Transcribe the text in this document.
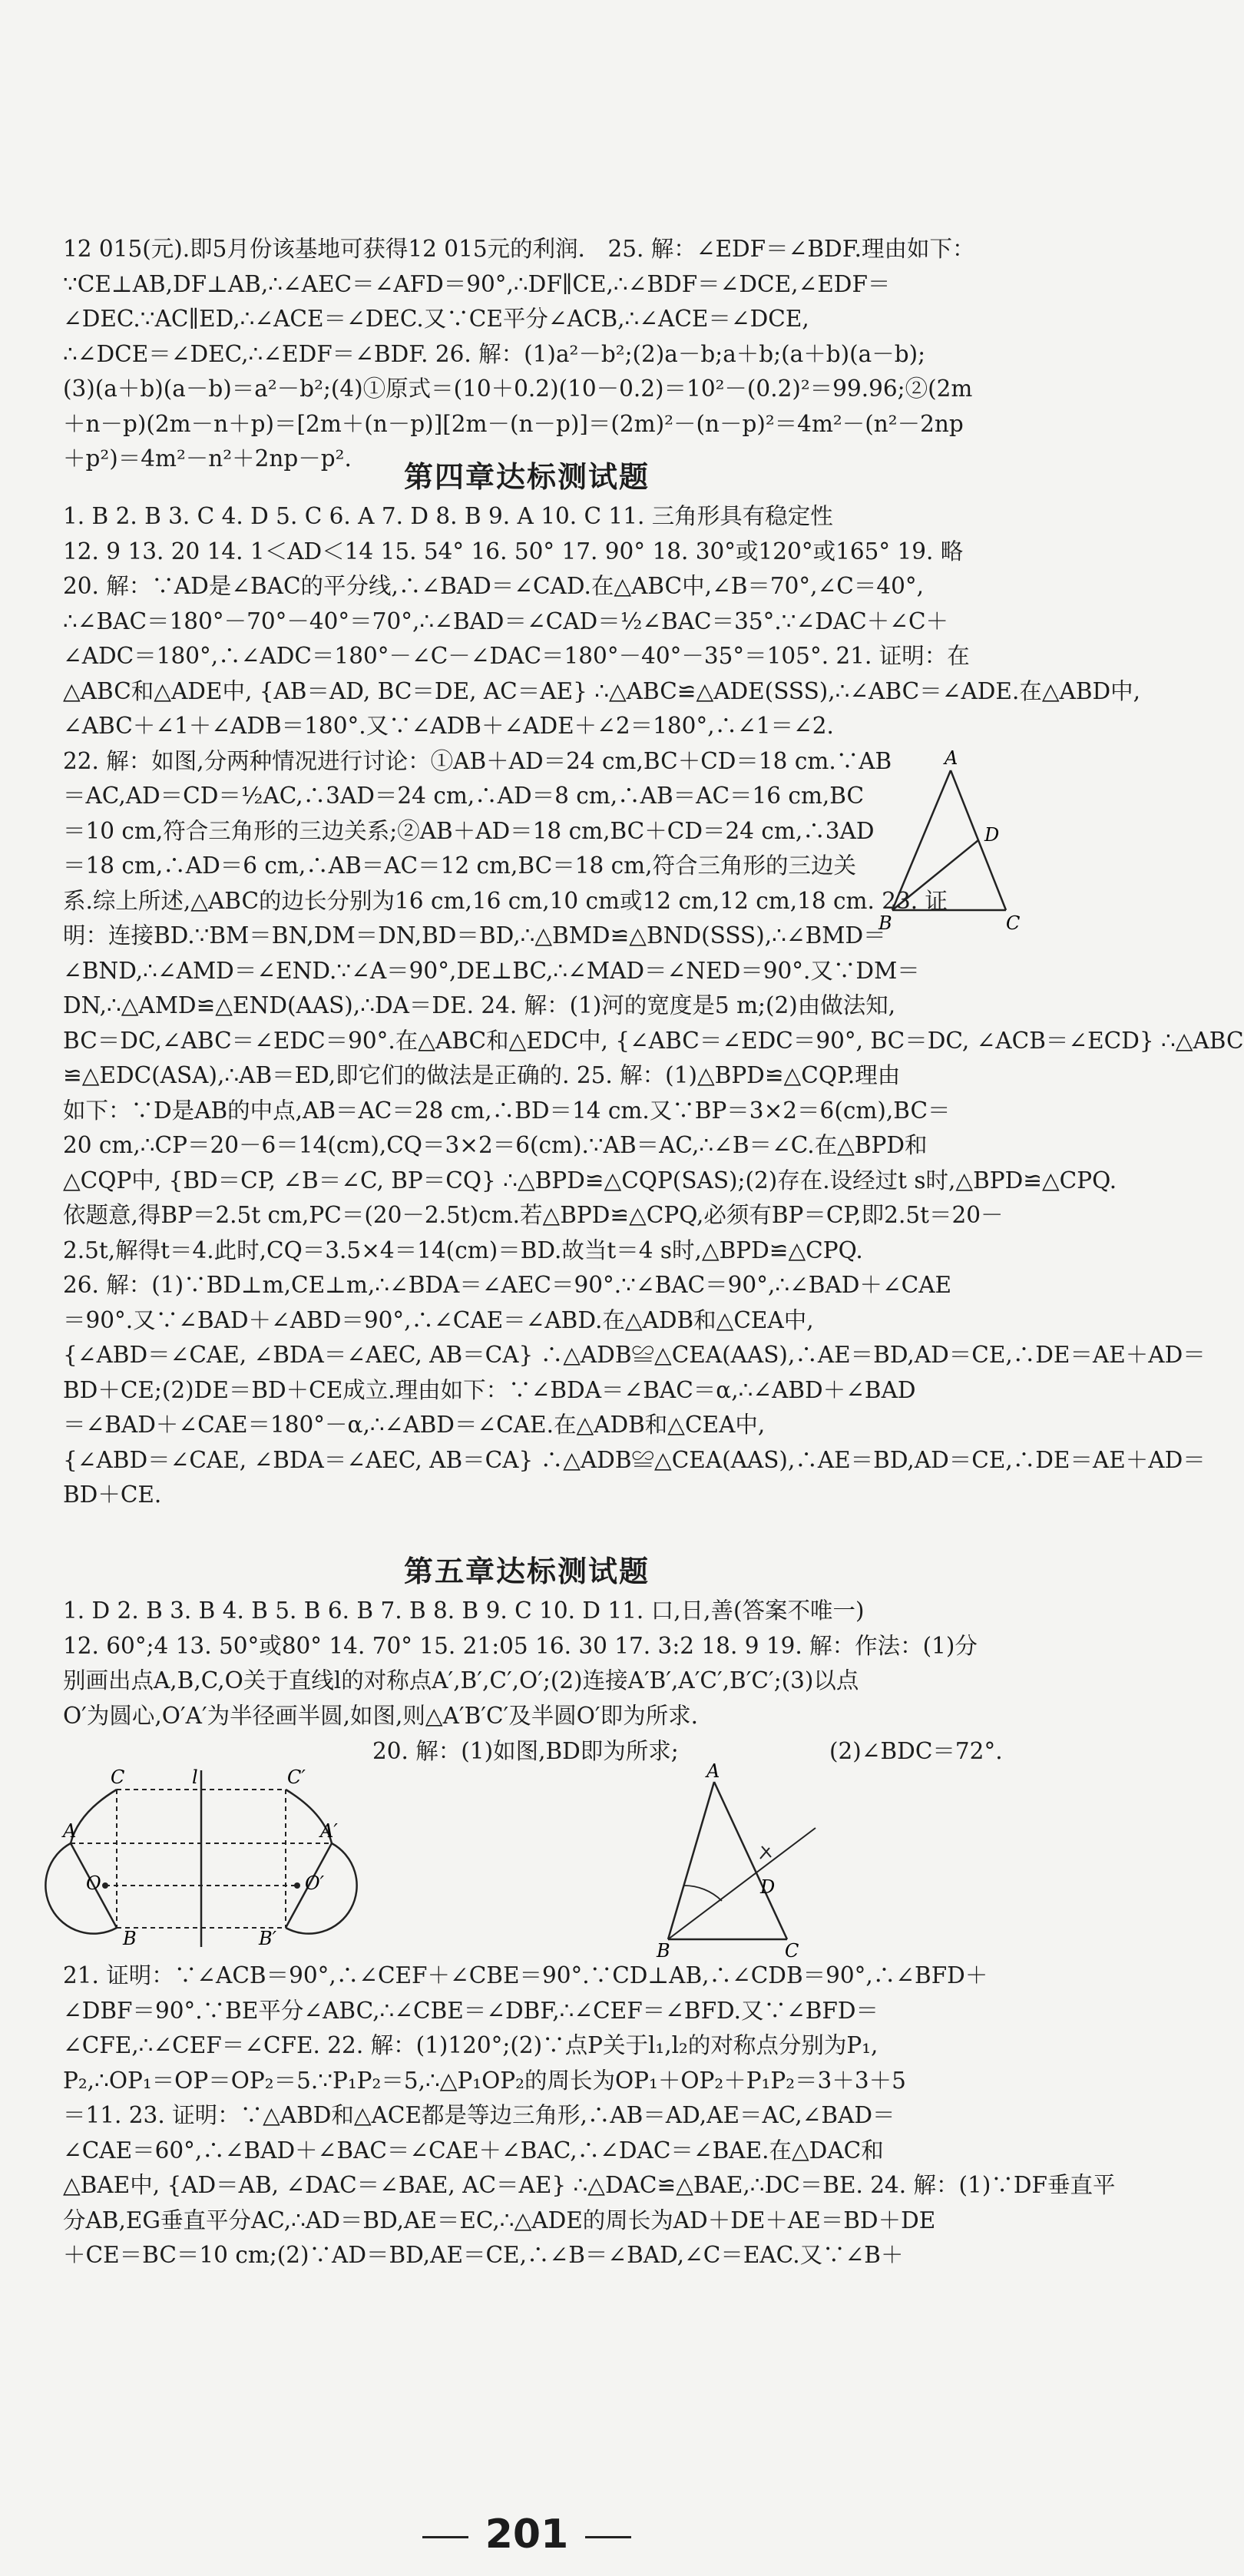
12 015(元).即5月份该基地可获得12 015元的利润． 25. 解：∠EDF＝∠BDF.理由如下：
∵CE⊥AB,DF⊥AB,∴∠AEC＝∠AFD＝90°,∴DF∥CE,∴∠BDF＝∠DCE,∠EDF＝
∠DEC.∵AC∥ED,∴∠ACE＝∠DEC.又∵CE平分∠ACB,∴∠ACE＝∠DCE,
∴∠DCE＝∠DEC,∴∠EDF＝∠BDF. 26. 解：(1)a²－b²;(2)a－b;a＋b;(a＋b)(a－b);
(3)(a＋b)(a－b)＝a²－b²;(4)①原式＝(10＋0.2)(10－0.2)＝10²－(0.2)²＝99.96;②(2m
＋n－p)(2m－n＋p)＝[2m＋(n－p)][2m－(n－p)]＝(2m)²－(n－p)²＝4m²－(n²－2np
＋p²)＝4m²－n²＋2np－p².
第四章达标测试题
1. B 2. B 3. C 4. D 5. C 6. A 7. D 8. B 9. A 10. C 11. 三角形具有稳定性
12. 9 13. 20 14. 1＜AD＜14 15. 54° 16. 50° 17. 90° 18. 30°或120°或165° 19. 略
20. 解：∵AD是∠BAC的平分线,∴∠BAD＝∠CAD.在△ABC中,∠B＝70°,∠C＝40°,
∴∠BAC＝180°－70°－40°＝70°,∴∠BAD＝∠CAD＝½∠BAC＝35°.∵∠DAC＋∠C＋
∠ADC＝180°,∴∠ADC＝180°－∠C－∠DAC＝180°－40°－35°＝105°. 21. 证明：在
△ABC和△ADE中, {AB＝AD, BC＝DE, AC＝AE} ∴△ABC≌△ADE(SSS),∴∠ABC＝∠ADE.在△ABD中,
∠ABC＋∠1＋∠ADB＝180°.又∵∠ADB＋∠ADE＋∠2＝180°,∴∠1＝∠2.
22. 解：如图,分两种情况进行讨论：①AB＋AD＝24 cm,BC＋CD＝18 cm.∵AB
＝AC,AD＝CD＝½AC,∴3AD＝24 cm,∴AD＝8 cm,∴AB＝AC＝16 cm,BC
＝10 cm,符合三角形的三边关系;②AB＋AD＝18 cm,BC＋CD＝24 cm,∴3AD
＝18 cm,∴AD＝6 cm,∴AB＝AC＝12 cm,BC＝18 cm,符合三角形的三边关
系.综上所述,△ABC的边长分别为16 cm,16 cm,10 cm或12 cm,12 cm,18 cm. 23. 证
明：连接BD.∵BM＝BN,DM＝DN,BD＝BD,∴△BMD≌△BND(SSS),∴∠BMD＝
∠BND,∴∠AMD＝∠END.∵∠A＝90°,DE⊥BC,∴∠MAD＝∠NED＝90°.又∵DM＝
DN,∴△AMD≌△END(AAS),∴DA＝DE. 24. 解：(1)河的宽度是5 m;(2)由做法知,
BC＝DC,∠ABC＝∠EDC＝90°.在△ABC和△EDC中, {∠ABC＝∠EDC＝90°, BC＝DC, ∠ACB＝∠ECD} ∴△ABC
≌△EDC(ASA),∴AB＝ED,即它们的做法是正确的. 25. 解：(1)△BPD≌△CQP.理由
如下：∵D是AB的中点,AB＝AC＝28 cm,∴BD＝14 cm.又∵BP＝3×2＝6(cm),BC＝
20 cm,∴CP＝20－6＝14(cm),CQ＝3×2＝6(cm).∵AB＝AC,∴∠B＝∠C.在△BPD和
△CQP中, {BD＝CP, ∠B＝∠C, BP＝CQ} ∴△BPD≌△CQP(SAS);(2)存在.设经过t s时,△BPD≌△CPQ.
依题意,得BP＝2.5t cm,PC＝(20－2.5t)cm.若△BPD≌△CPQ,必须有BP＝CP,即2.5t＝20－
2.5t,解得t＝4.此时,CQ＝3.5×4＝14(cm)＝BD.故当t＝4 s时,△BPD≌△CPQ.
26. 解：(1)∵BD⊥m,CE⊥m,∴∠BDA＝∠AEC＝90°.∵∠BAC＝90°,∴∠BAD＋∠CAE
＝90°.又∵∠BAD＋∠ABD＝90°,∴∠CAE＝∠ABD.在△ADB和△CEA中,
{∠ABD＝∠CAE, ∠BDA＝∠AEC, AB＝CA} ∴△ADB≌△CEA(AAS),∴AE＝BD,AD＝CE,∴DE＝AE＋AD＝
BD＋CE;(2)DE＝BD＋CE成立.理由如下：∵∠BDA＝∠BAC＝α,∴∠ABD＋∠BAD
＝∠BAD＋∠CAE＝180°－α,∴∠ABD＝∠CAE.在△ADB和△CEA中,
{∠ABD＝∠CAE, ∠BDA＝∠AEC, AB＝CA} ∴△ADB≌△CEA(AAS),∴AE＝BD,AD＝CE,∴DE＝AE＋AD＝
BD＋CE.
A
B	C
D
第五章达标测试题
1. D 2. B 3. B 4. B 5. B 6. B 7. B 8. B 9. C 10. D 11. 口,日,善(答案不唯一)
12. 60°;4 13. 50°或80° 14. 70° 15. 21:05 16. 30 17. 3:2 18. 9 19. 解：作法：(1)分
别画出点A,B,C,O关于直线l的对称点A′,B′,C′,O′;(2)连接A′B′,A′C′,B′C′;(3)以点
O′为圆心,O′A′为半径画半圆,如图,则△A′B′C′及半圆O′即为所求.
20. 解：(1)如图,BD即为所求;	(2)∠BDC＝72°.
C	l	C′
A	A′
O	O′
B	B′
A
B	C
D
21. 证明：∵∠ACB＝90°,∴∠CEF＋∠CBE＝90°.∵CD⊥AB,∴∠CDB＝90°,∴∠BFD＋
∠DBF＝90°.∵BE平分∠ABC,∴∠CBE＝∠DBF,∴∠CEF＝∠BFD.又∵∠BFD＝
∠CFE,∴∠CEF＝∠CFE. 22. 解：(1)120°;(2)∵点P关于l₁,l₂的对称点分别为P₁,
P₂,∴OP₁＝OP＝OP₂＝5.∵P₁P₂＝5,∴△P₁OP₂的周长为OP₁＋OP₂＋P₁P₂＝3＋3＋5
＝11. 23. 证明：∵△ABD和△ACE都是等边三角形,∴AB＝AD,AE＝AC,∠BAD＝
∠CAE＝60°,∴∠BAD＋∠BAC＝∠CAE＋∠BAC,∴∠DAC＝∠BAE.在△DAC和
△BAE中, {AD＝AB, ∠DAC＝∠BAE, AC＝AE} ∴△DAC≌△BAE,∴DC＝BE. 24. 解：(1)∵DF垂直平
分AB,EG垂直平分AC,∴AD＝BD,AE＝EC,∴△ADE的周长为AD＋DE＋AE＝BD＋DE
＋CE＝BC＝10 cm;(2)∵AD＝BD,AE＝CE,∴∠B＝∠BAD,∠C＝EAC.又∵∠B＋
201
